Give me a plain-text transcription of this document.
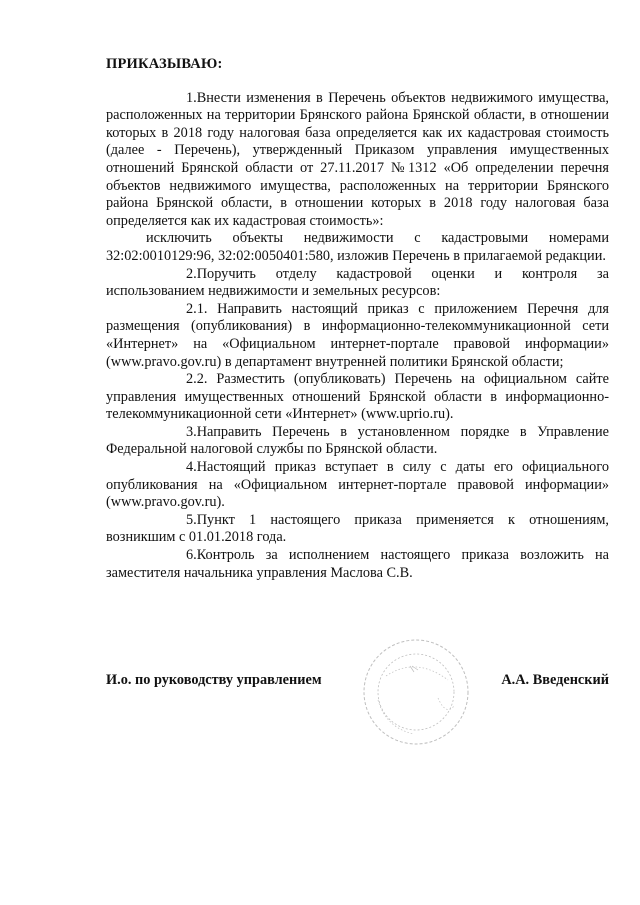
ПРИКАЗЫВАЮ:

1.Внести изменения в Перечень объектов недвижимого имущества, расположенных на территории Брянского района Брянской области, в отношении которых в 2018 году налоговая база определяется как их кадастровая стоимость (далее - Перечень), утвержденный Приказом управления имущественных отношений Брянской области от 27.11.2017 №1312 «Об определении перечня объектов недвижимого имущества, расположенных на территории Брянского района Брянской области, в отношении которых в 2018 году налоговая база определяется как их кадастровая стоимость»:

исключить объекты недвижимости с кадастровыми номерами 32:02:0010129:96, 32:02:0050401:580, изложив Перечень в прилагаемой редакции.

2.Поручить отделу кадастровой оценки и контроля за использованием недвижимости и земельных ресурсов:

2.1. Направить настоящий приказ с приложением Перечня для размещения (опубликования) в информационно-телекоммуникационной сети «Интернет» на «Официальном интернет-портале правовой информации» (www.pravo.gov.ru) в департамент внутренней политики Брянской области;

2.2. Разместить (опубликовать) Перечень на официальном сайте управления имущественных отношений Брянской области в информационно-телекоммуникационной сети «Интернет» (www.uprio.ru).

3.Направить Перечень в установленном порядке в Управление Федеральной налоговой службы по Брянской области.

4.Настоящий приказ вступает в силу с даты его официального опубликования на «Официальном интернет-портале правовой информации» (www.pravo.gov.ru).

5.Пункт 1 настоящего приказа применяется к отношениям, возникшим с 01.01.2018 года.

6.Контроль за исполнением настоящего приказа возложить на заместителя начальника управления Маслова С.В.

И.о. по руководству управлением	А.А. Введенский
